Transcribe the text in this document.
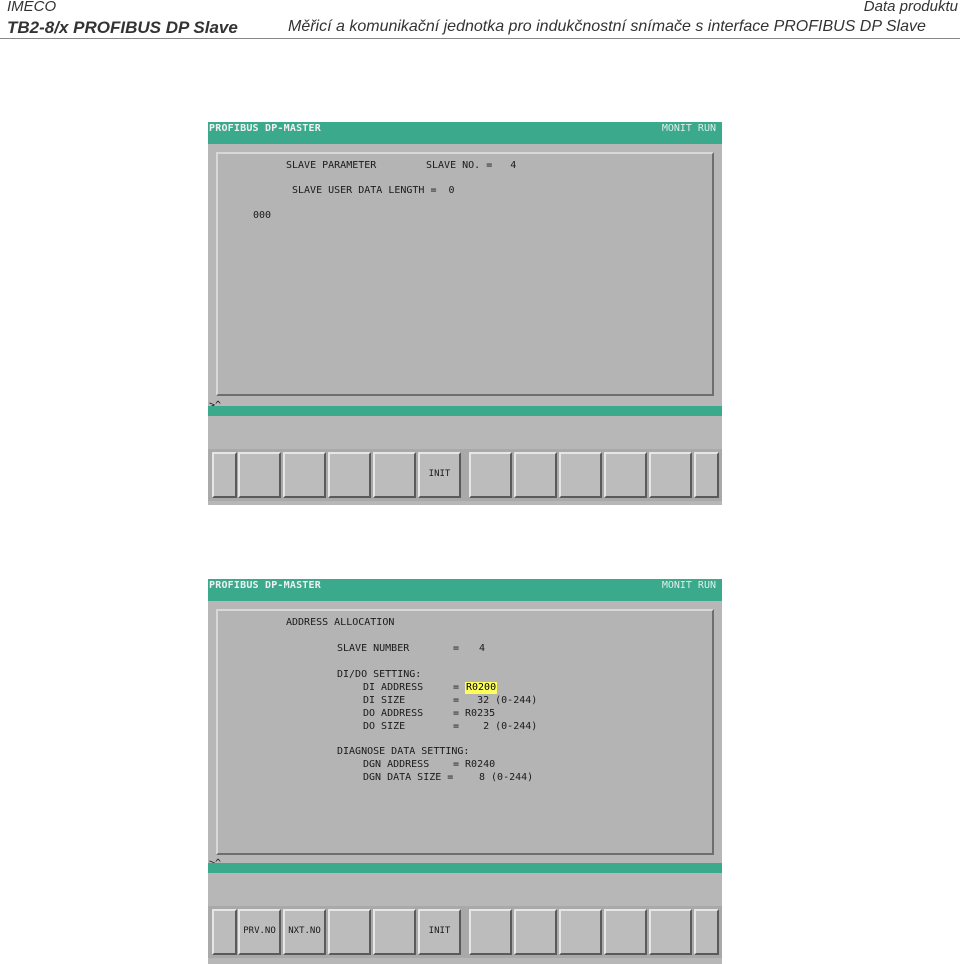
IMECO	Data produktu
TB2-8/x PROFIBUS DP Slave	Měřicí a komunikační jednotka pro indukčnostní snímače s interface PROFIBUS DP Slave
PROFIBUS DP-MASTER	MONIT RUN
SLAVE PARAMETER	SLAVE NO. =   4
SLAVE USER DATA LENGTH =  0
000
INIT
PROFIBUS DP-MASTER	MONIT RUN
ADDRESS ALLOCATION
SLAVE NUMBER	= 4
DI/DO SETTING:
DI ADDRESS	= R0200
DI SIZE	=   32 (0-244)
DO ADDRESS	= R0235
DO SIZE	=    2 (0-244)
DIAGNOSE DATA SETTING:
DGN ADDRESS = R0240
DGN DATA SIZE =	8 (0-244)
PRV.NO	NXT.NO	INIT
